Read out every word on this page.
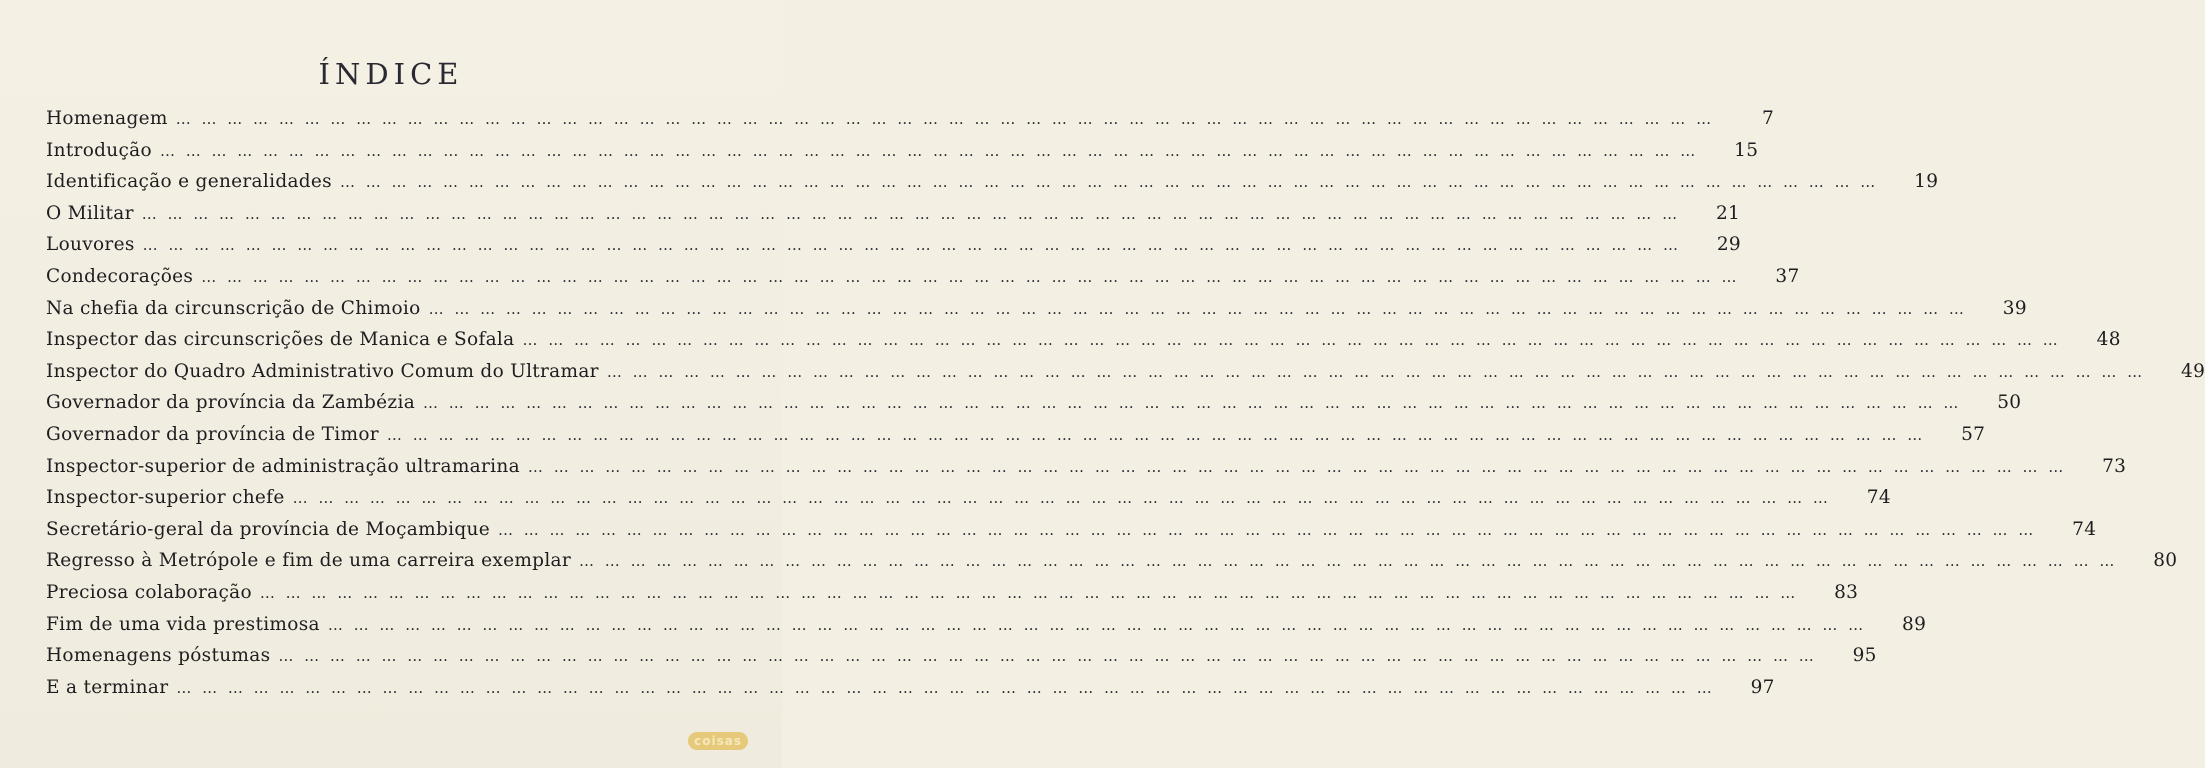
ÍNDICE
Homenagem … … … … … … … … … … … … … … … … … … … … … … … … … … … … … … … … … … … … … … … … … … … … … … … … … … … … … … … … … … … …	7
Introdução … … … … … … … … … … … … … … … … … … … … … … … … … … … … … … … … … … … … … … … … … … … … … … … … … … … … … … … … … … … …	15
Identificação e generalidades … … … … … … … … … … … … … … … … … … … … … … … … … … … … … … … … … … … … … … … … … … … … … … … … … … … … … … … … … … … …	19
O Militar … … … … … … … … … … … … … … … … … … … … … … … … … … … … … … … … … … … … … … … … … … … … … … … … … … … … … … … … … … … …	21
Louvores … … … … … … … … … … … … … … … … … … … … … … … … … … … … … … … … … … … … … … … … … … … … … … … … … … … … … … … … … … … …	29
Condecorações … … … … … … … … … … … … … … … … … … … … … … … … … … … … … … … … … … … … … … … … … … … … … … … … … … … … … … … … … … … …	37
Na chefia da circunscrição de Chimoio … … … … … … … … … … … … … … … … … … … … … … … … … … … … … … … … … … … … … … … … … … … … … … … … … … … … … … … … … … … …	39
Inspector das circunscrições de Manica e Sofala … … … … … … … … … … … … … … … … … … … … … … … … … … … … … … … … … … … … … … … … … … … … … … … … … … … … … … … … … … … …	48
Inspector do Quadro Administrativo Comum do Ultramar … … … … … … … … … … … … … … … … … … … … … … … … … … … … … … … … … … … … … … … … … … … … … … … … … … … … … … … … … … … …	49
Governador da província da Zambézia … … … … … … … … … … … … … … … … … … … … … … … … … … … … … … … … … … … … … … … … … … … … … … … … … … … … … … … … … … … …	50
Governador da província de Timor … … … … … … … … … … … … … … … … … … … … … … … … … … … … … … … … … … … … … … … … … … … … … … … … … … … … … … … … … … … …	57
Inspector-superior de administração ultramarina … … … … … … … … … … … … … … … … … … … … … … … … … … … … … … … … … … … … … … … … … … … … … … … … … … … … … … … … … … … …	73
Inspector-superior chefe … … … … … … … … … … … … … … … … … … … … … … … … … … … … … … … … … … … … … … … … … … … … … … … … … … … … … … … … … … … …	74
Secretário-geral da província de Moçambique … … … … … … … … … … … … … … … … … … … … … … … … … … … … … … … … … … … … … … … … … … … … … … … … … … … … … … … … … … … …	74
Regresso à Metrópole e fim de uma carreira exemplar … … … … … … … … … … … … … … … … … … … … … … … … … … … … … … … … … … … … … … … … … … … … … … … … … … … … … … … … … … … …	80
Preciosa colaboração … … … … … … … … … … … … … … … … … … … … … … … … … … … … … … … … … … … … … … … … … … … … … … … … … … … … … … … … … … … …	83
Fim de uma vida prestimosa … … … … … … … … … … … … … … … … … … … … … … … … … … … … … … … … … … … … … … … … … … … … … … … … … … … … … … … … … … … …	89
Homenagens póstumas … … … … … … … … … … … … … … … … … … … … … … … … … … … … … … … … … … … … … … … … … … … … … … … … … … … … … … … … … … … …	95
E a terminar … … … … … … … … … … … … … … … … … … … … … … … … … … … … … … … … … … … … … … … … … … … … … … … … … … … … … … … … … … … …	97
coisas
